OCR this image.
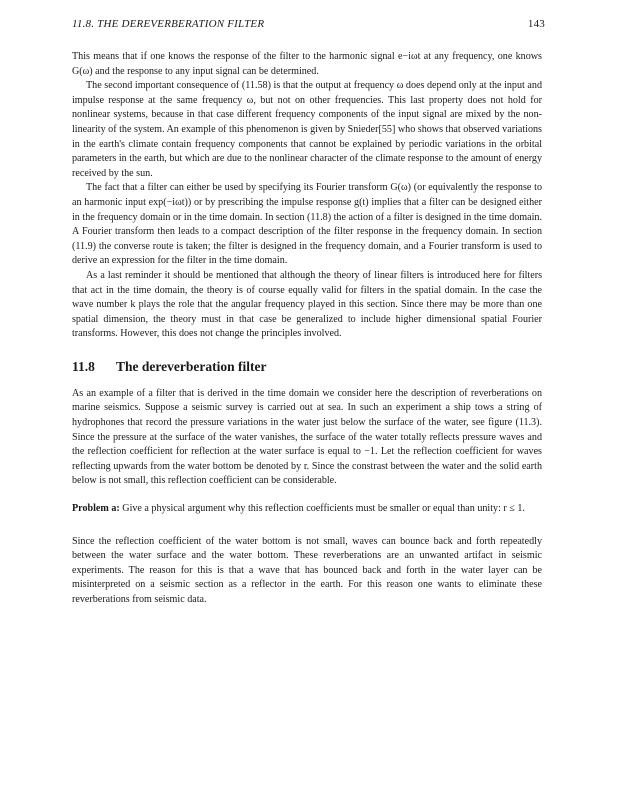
11.8. THE DEREVERBERATION FILTER	143

This means that if one knows the response of the filter to the harmonic signal e−iωt at any frequency, one knows G(ω) and the response to any input signal can be determined.

The second important consequence of (11.58) is that the output at frequency ω does depend only at the input and impulse response at the same frequency ω, but not on other frequencies. This last property does not hold for nonlinear systems, because in that case different frequency components of the input signal are mixed by the non-linearity of the system. An example of this phenomenon is given by Snieder[55] who shows that observed variations in the earth's climate contain frequency components that cannot be explained by periodic variations in the orbital parameters in the earth, but which are due to the nonlinear character of the climate response to the amount of energy received by the sun.

The fact that a filter can either be used by specifying its Fourier transform G(ω) (or equivalently the response to an harmonic input exp(−iωt)) or by prescribing the impulse response g(t) implies that a filter can be designed either in the frequency domain or in the time domain. In section (11.8) the action of a filter is designed in the time domain. A Fourier transform then leads to a compact description of the filter response in the frequency domain. In section (11.9) the converse route is taken; the filter is designed in the frequency domain, and a Fourier transform is used to derive an expression for the filter in the time domain.

As a last reminder it should be mentioned that although the theory of linear filters is introduced here for filters that act in the time domain, the theory is of course equally valid for filters in the spatial domain. In the case the wave number k plays the role that the angular frequency played in this section. Since there may be more than one spatial dimension, the theory must in that case be generalized to include higher dimensional spatial Fourier transforms. However, this does not change the principles involved.

11.8 The dereverberation filter

As an example of a filter that is derived in the time domain we consider here the description of reverberations on marine seismics. Suppose a seismic survey is carried out at sea. In such an experiment a ship tows a string of hydrophones that record the pressure variations in the water just below the surface of the water, see figure (11.3). Since the pressure at the surface of the water vanishes, the surface of the water totally reflects pressure waves and the reflection coefficient for reflection at the water surface is equal to −1. Let the reflection coefficient for waves reflecting upwards from the water bottom be denoted by r. Since the constrast between the water and the solid earth below is not small, this reflection coefficient can be considerable.

Problem a: Give a physical argument why this reflection coefficients must be smaller or equal than unity: r ≤ 1.

Since the reflection coefficient of the water bottom is not small, waves can bounce back and forth repeatedly between the water surface and the water bottom. These reverberations are an unwanted artifact in seismic experiments. The reason for this is that a wave that has bounced back and forth in the water layer can be misinterpreted on a seismic section as a reflector in the earth. For this reason one wants to eliminate these reverberations from seismic data.
